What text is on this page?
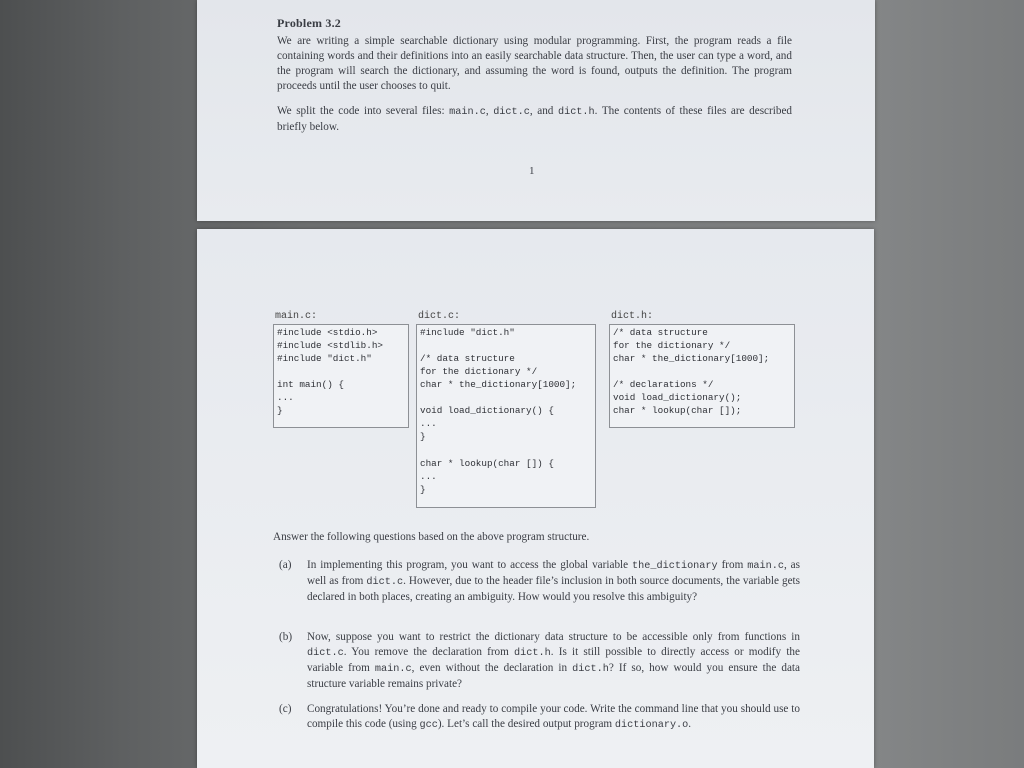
Problem 3.2
We are writing a simple searchable dictionary using modular programming. First, the program reads a file containing words and their definitions into an easily searchable data structure. Then, the user can type a word, and the program will search the dictionary, and assuming the word is found, outputs the definition. The program proceeds until the user chooses to quit.
We split the code into several files: main.c, dict.c, and dict.h. The contents of these files are described briefly below.
1
main.c:
#include <stdio.h>
#include <stdlib.h>
#include "dict.h"
int main() {
...
}
dict.c:
#include "dict.h"
/* data structure
for the dictionary */
char * the_dictionary[1000];
void load_dictionary() {
...
}
char * lookup(char []) {
...
}
dict.h:
/* data structure
for the dictionary */
char * the_dictionary[1000];
/* declarations */
void load_dictionary();
char * lookup(char []);
Answer the following questions based on the above program structure.
(a) In implementing this program, you want to access the global variable the_dictionary from main.c, as well as from dict.c. However, due to the header file’s inclusion in both source documents, the variable gets declared in both places, creating an ambiguity. How would you resolve this ambiguity?
(b) Now, suppose you want to restrict the dictionary data structure to be accessible only from functions in dict.c. You remove the declaration from dict.h. Is it still possible to directly access or modify the variable from main.c, even without the declaration in dict.h? If so, how would you ensure the data structure variable remains private?
(c) Congratulations! You’re done and ready to compile your code. Write the command line that you should use to compile this code (using gcc). Let’s call the desired output program dictionary.o.
